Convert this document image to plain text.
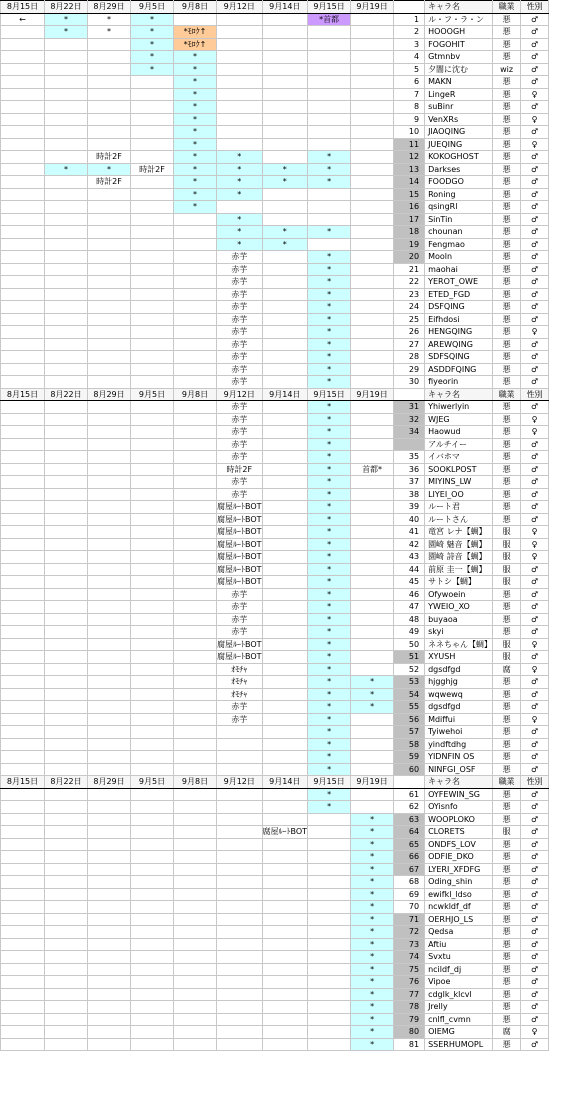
8月15日	8月22日	8月29日	9月5日	9月8日	9月12日	9月14日	9月15日	9月19日		キャラ名	職業	性別
←	*	*	*				*首都		1	ル・フ・ラ・ン	悪	♂
	*	*	*	*ﾓﾛｸ↑					2	HOOOGH	悪	♂
			*	*ﾓﾛｸ↑					3	FOGOHIT	悪	♂
			*	*					4	Gtmnbv	悪	♂
			*	*					5	夕闇に沈む	wiz	♂
				*					6	MAKN	悪	♂
				*					7	LingeR	悪	♀
				*					8	suBinr	悪	♂
				*					9	VenXRs	悪	♀
				*					10	JIAOQING	悪	♂
				*					11	JUEQING	悪	♀
		時計2F		*	*		*		12	KOKOGHOST	悪	♂
	*	*	時計2F	*	*	*	*		13	Darkses	悪	♂
		時計2F		*	*	*	*		14	FOODGO	悪	♂
				*	*				15	Roning	悪	♂
				*					16	qsingRl	悪	♂
					*				17	SinTin	悪	♂
					*	*	*		18	chounan	悪	♂
					*	*			19	Fengmao	悪	♂
					赤芋		*		20	Mooln	悪	♂
					赤芋		*		21	maohai	悪	♂
					赤芋		*		22	YEROT_OWE	悪	♂
					赤芋		*		23	ETED_FGD	悪	♂
					赤芋		*		24	DSFQING	悪	♂
					赤芋		*		25	Eifhdosi	悪	♂
					赤芋		*		26	HENGQING	悪	♀
					赤芋		*		27	AREWQING	悪	♂
					赤芋		*		28	SDFSQING	悪	♂
					赤芋		*		29	ASDDFQING	悪	♂
					赤芋		*		30	fiyeorin	悪	♂
8月15日	8月22日	8月29日	9月5日	9月8日	9月12日	9月14日	9月15日	9月19日		キャラ名	職業	性別
					赤芋		*		31	Yhiwerlyin	悪	♂
					赤芋		*		32	WJEG	悪	♀
					赤芋		*		34	Haowud	悪	♀
					赤芋		*			アルチイー	悪	♂
					赤芋		*		35	イバホマ	悪	♂
					時計2F		*	首都*	36	SOOKLPOST	悪	♂
					赤芋		*		37	MIYINS_LW	悪	♂
					赤芋		*		38	LIYEI_OO	悪	♂
					腐屋ﾙｰﾄBOT		*		39	ルート君	悪	♂
					腐屋ﾙｰﾄBOT		*		40	ルートさん	悪	♂
					腐屋ﾙｰﾄBOT		*		41	竜宮 レナ【蜩】	服	♀
					腐屋ﾙｰﾄBOT		*		42	園崎 魅音【蜩】	服	♀
					腐屋ﾙｰﾄBOT		*		43	園崎 詩音【蜩】	服	♀
					腐屋ﾙｰﾄBOT		*		44	前原 圭一【蜩】	服	♂
					腐屋ﾙｰﾄBOT		*		45	サトシ【蜩】	服	♂
					赤芋		*		46	Ofywoein	悪	♂
					赤芋		*		47	YWEIO_XO	悪	♂
					赤芋		*		48	buyaoa	悪	♂
					赤芋		*		49	skyi	悪	♂
					腐屋ﾙｰﾄBOT		*		50	ネネちゃん【蜩】	服	♀
					腐屋ﾙｰﾄBOT		*		51	XYUSH	服	♂
					ｵﾓﾁｬ		*		52	dgsdfgd	腐	♀
					ｵﾓﾁｬ		*	*	53	hjgghjg	悪	♂
					ｵﾓﾁｬ		*	*	54	wqwewq	悪	♂
					赤芋		*	*	55	dgsdfgd	悪	♂
					赤芋		*		56	Mdiffui	悪	♀
							*		57	Tyiwehoi	悪	♂
							*		58	yindftdhg	悪	♂
							*		59	YIDNFIN OS	悪	♂
							*		60	NINFGI_OSF	悪	♂
8月15日	8月22日	8月29日	9月5日	9月8日	9月12日	9月14日	9月15日	9月19日		キャラ名	職業	性別
							*		61	OYFEWIN_SG	悪	♂
							*		62	OYisnfo	悪	♂
								*	63	WOOPLOKO	悪	♂
						腐屋ﾙｰﾄBOT		*	64	CLORETS	服	♂
								*	65	ONDFS_LOV	悪	♂
								*	66	ODFIE_DKO	悪	♂
								*	67	LYERI_XFDFG	悪	♂
								*	68	Oding_shin	悪	♂
								*	69	ewifkl_ldso	悪	♂
								*	70	ncwkldf_df	悪	♂
								*	71	OERHJO_LS	悪	♂
								*	72	Qedsa	悪	♂
								*	73	Aftiu	悪	♂
								*	74	Svxtu	悪	♂
								*	75	ncildf_dj	悪	♂
								*	76	Vipoe	悪	♂
								*	77	cdglk_klcvl	悪	♂
								*	78	Jrelly	悪	♂
								*	79	cnlfl_cvmn	悪	♂
								*	80	OIEMG	腐	♀
								*	81	SSERHUMOPL	悪	♂
